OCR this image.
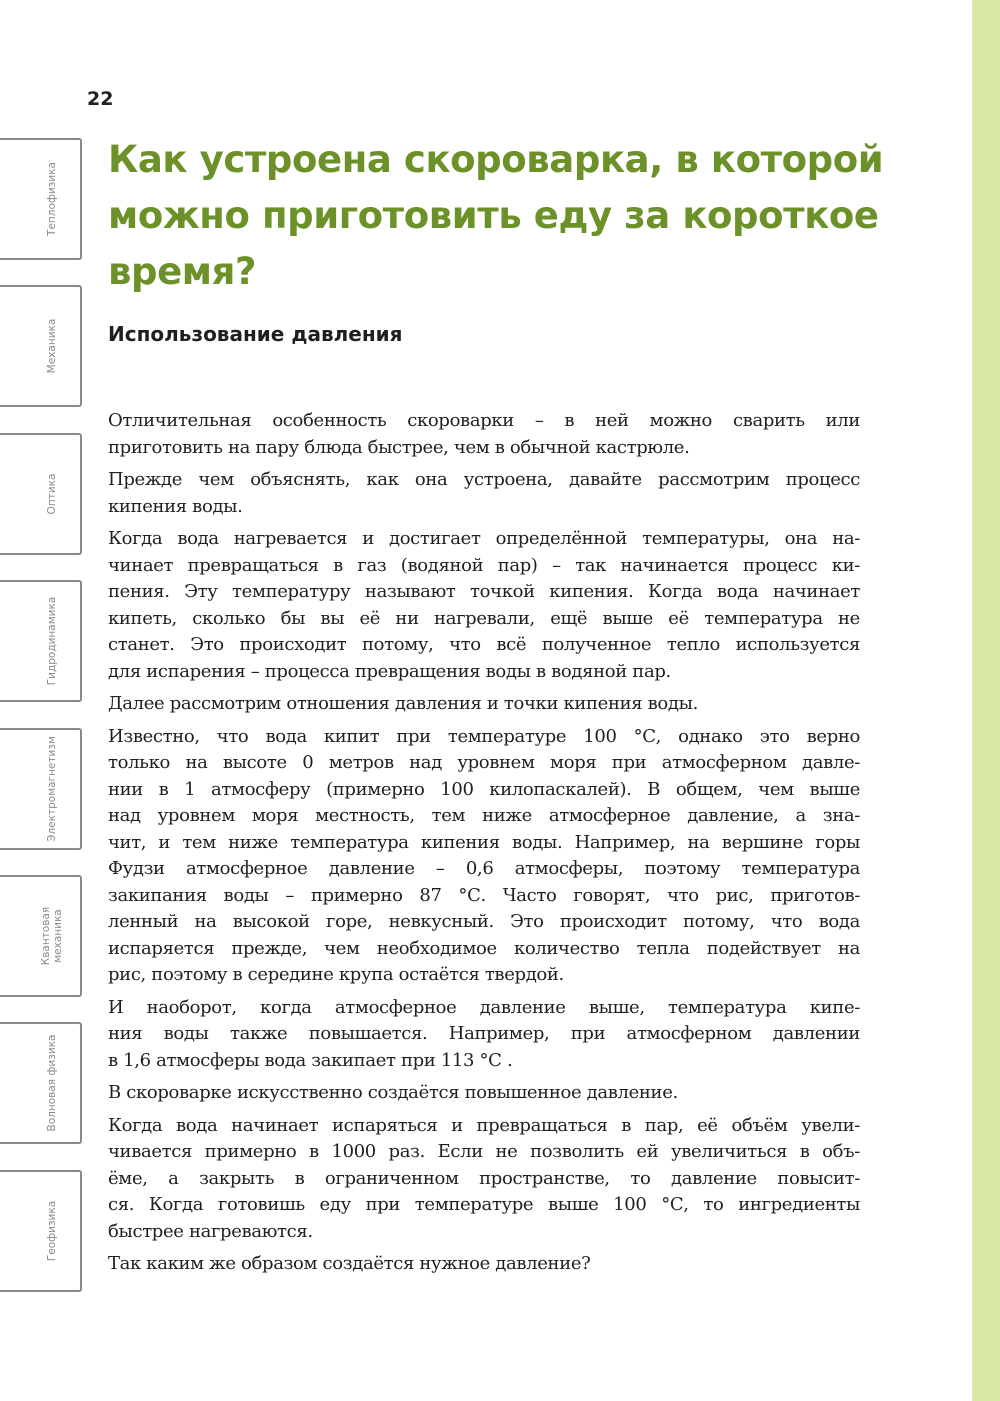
22
Теплофизика
Механика
Оптика
Гидродинамика
Электромагнетизм
Квантовая механика
Волновая физика
Геофизика
Как устроена скороварка, в которой
можно приготовить еду за короткое
время?
Использование давления

Отличительная особенность скороварки – в ней можно сварить или
приготовить на пару блюда быстрее, чем в обычной кастрюле.

Прежде чем объяснять, как она устроена, давайте рассмотрим процесс
кипения воды.

Когда вода нагревается и достигает определённой температуры, она на-
чинает превращаться в газ (водяной пар) – так начинается процесс ки-
пения. Эту температуру называют точкой кипения. Когда вода начинает
кипеть, сколько бы вы её ни нагревали, ещё выше её температура не
станет. Это происходит потому, что всё полученное тепло используется
для испарения – процесса превращения воды в водяной пар.

Далее рассмотрим отношения давления и точки кипения воды.

Известно, что вода кипит при температуре 100 °С, однако это верно
только на высоте 0 метров над уровнем моря при атмосферном давле-
нии в 1 атмосферу (примерно 100 килопаскалей). В общем, чем выше
над уровнем моря местность, тем ниже атмосферное давление, а зна-
чит, и тем ниже температура кипения воды. Например, на вершине горы
Фудзи атмосферное давление – 0,6 атмосферы, поэтому температура
закипания воды – примерно 87 °С. Часто говорят, что рис, приготов-
ленный на высокой горе, невкусный. Это происходит потому, что вода
испаряется прежде, чем необходимое количество тепла подействует на
рис, поэтому в середине крупа остаётся твердой.

И наоборот, когда атмосферное давление выше, температура кипе-
ния воды также повышается. Например, при атмосферном давлении
в 1,6 атмосферы вода закипает при 113 °С .

В скороварке искусственно создаётся повышенное давление.

Когда вода начинает испаряться и превращаться в пар, её объём увели-
чивается примерно в 1000 раз. Если не позволить ей увеличиться в объ-
ёме, а закрыть в ограниченном пространстве, то давление повысит-
ся. Когда готовишь еду при температуре выше 100 °С, то ингредиенты
быстрее нагреваются.

Так каким же образом создаётся нужное давление?
